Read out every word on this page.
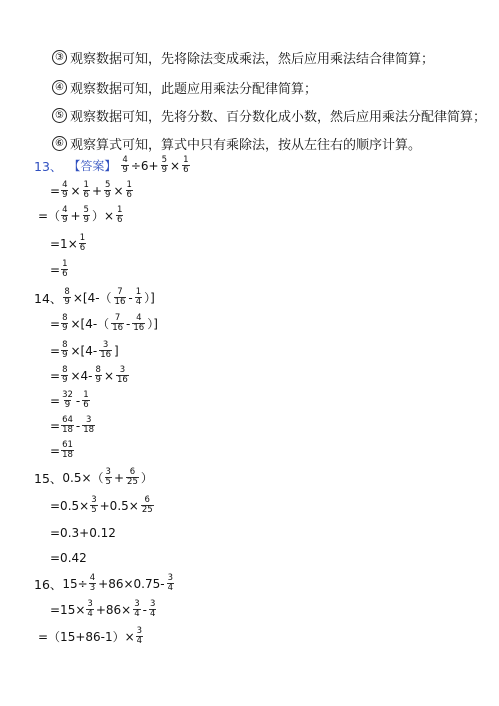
③ 观察数据可知，先将除法变成乘法，然后应用乘法结合律简算；
④ 观察数据可知，此题应用乘法分配律简算；
⑤ 观察数据可知，先将分数、百分数化成小数，然后应用乘法分配律简算；
⑥ 观察算式可知，算式中只有乘除法，按从左往右的顺序计算。
13、 【答案】 $\frac{4}{9} \div 6+ \frac{5}{9} \times \frac{1}{6}$
= $\frac{4}{9} \times \frac{1}{6} + \frac{5}{9} \times \frac{1}{6}$
=（ $\frac{4}{9} + \frac{5}{9}$ ）× $\frac{1}{6}$
$=1\times \frac{1}{6}$
= $\frac{1}{6}$
14、 $\frac{8}{9} \times[4-( \frac{7}{16} - \frac{1}{4}$ ）]
= $\frac{8}{9} \times[4-( \frac{7}{16} - \frac{4}{16}$ ）]
= $\frac{8}{9} \times[4- \frac{3}{16}$ ]
= $\frac{8}{9} \times 4- \frac{8}{9} \times \frac{3}{16}$
= $\frac{32}{9} - \frac{1}{6}$
= $\frac{64}{18} - \frac{3}{18}$
= $\frac{61}{18}$
15、 $0.5\times( \frac{3}{5} + \frac{6}{25}$ ）
$=0.5\times \frac{3}{5} +0.5\times \frac{6}{25}$
=0.3+0.12
=0.42
16、 $15\div \frac{4}{3} +86\times 0.75- \frac{3}{4}$
$=15\times \frac{3}{4} +86\times \frac{3}{4} - \frac{3}{4}$
$=(15+86-1)\times \frac{3}{4}$
